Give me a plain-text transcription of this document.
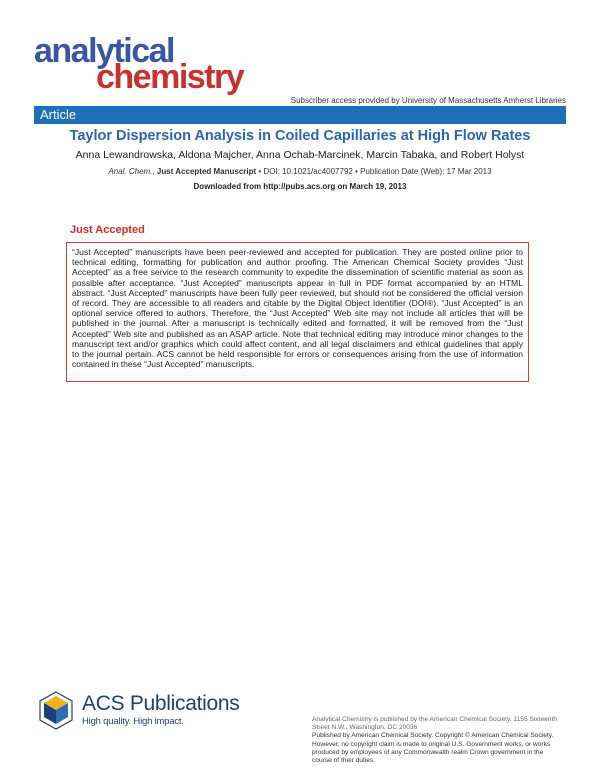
analytical
chemistry
Subscriber access provided by University of Massachusetts Amherst Libraries
Article
Taylor Dispersion Analysis in Coiled Capillaries at High Flow Rates
Anna Lewandrowska, Aldona Majcher, Anna Ochab-Marcinek, Marcin Tabaka, and Robert Holyst
Anal. Chem., Just Accepted Manuscript • DOI: 10.1021/ac4007792 • Publication Date (Web): 17 Mar 2013
Downloaded from http://pubs.acs.org on March 19, 2013
Just Accepted
“Just Accepted” manuscripts have been peer-reviewed and accepted for publication. They are posted online prior to technical editing, formatting for publication and author proofing. The American Chemical Society provides “Just Accepted” as a free service to the research community to expedite the dissemination of scientific material as soon as possible after acceptance. “Just Accepted” manuscripts appear in full in PDF format accompanied by an HTML abstract. “Just Accepted” manuscripts have been fully peer reviewed, but should not be considered the official version of record. They are accessible to all readers and citable by the Digital Object Identifier (DOI®). “Just Accepted” is an optional service offered to authors. Therefore, the “Just Accepted” Web site may not include all articles that will be published in the journal. After a manuscript is technically edited and formatted, it will be removed from the “Just Accepted” Web site and published as an ASAP article. Note that technical editing may introduce minor changes to the manuscript text and/or graphics which could affect content, and all legal disclaimers and ethical guidelines that apply to the journal pertain. ACS cannot be held responsible for errors or consequences arising from the use of information contained in these “Just Accepted” manuscripts.
ACS Publications
High quality. High impact.	Analytical Chemistry is published by the American Chemical Society. 1155 Sixteenth Street N.W., Washington, DC 20036
Published by American Chemical Society. Copyright © American Chemical Society. However, no copyright claim is made to original U.S. Government works, or works produced by employees of any Commonwealth realm Crown government in the course of their duties.
